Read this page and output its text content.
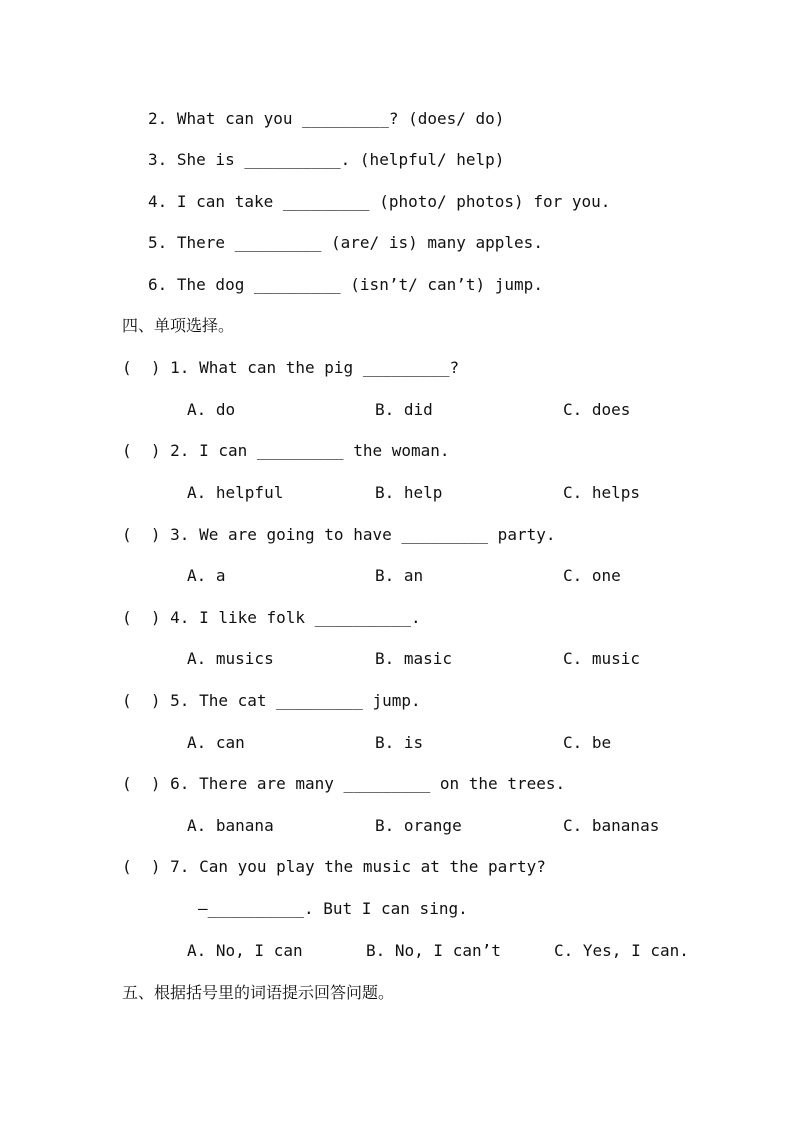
2. What can you _________? (does/ do)
3. She is __________. (helpful/ help)
4. I can take _________ (photo/ photos) for you.
5. There _________ (are/ is) many apples.
6. The dog _________ (isn’t/ can’t) jump.
四、单项选择。
(  ) 1. What can the pig _________?
A. do	B. did	C. does
(  ) 2. I can _________ the woman.
A. helpful	B. help	C. helps
(  ) 3. We are going to have _________ party.
A. a	B. an	C. one
(  ) 4. I like folk __________.
A. musics	B. masic	C. music
(  ) 5. The cat _________ jump.
A. can	B. is	C. be
(  ) 6. There are many _________ on the trees.
A. banana	B. orange	C. bananas
(  ) 7. Can you play the music at the party?
—__________. But I can sing.
A. No, I can	B. No, I can’t	C. Yes, I can.
五、根据括号里的词语提示回答问题。
